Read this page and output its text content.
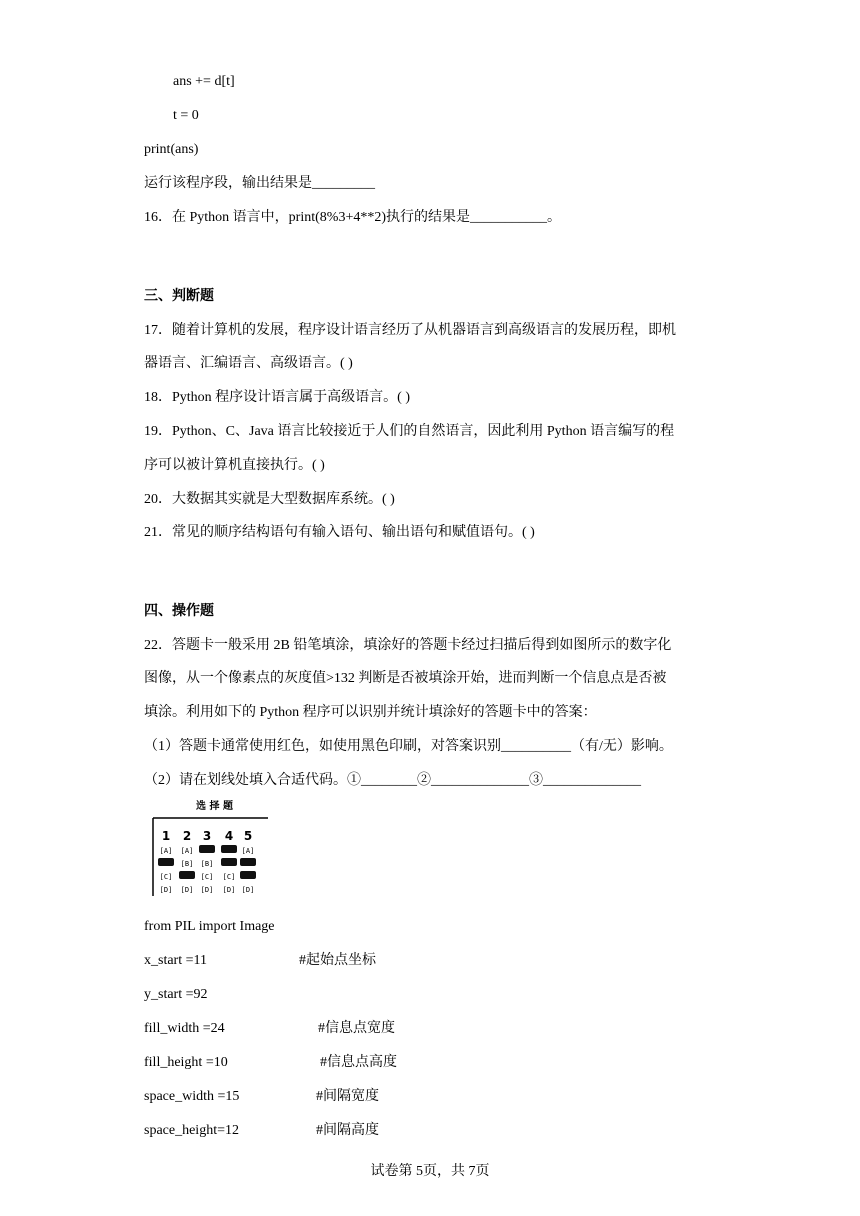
ans += d[t]
t = 0
print(ans)
运行该程序段，输出结果是_________
16．在 Python 语言中，print(8%3+4**2)执行的结果是___________。
三、判断题
17．随着计算机的发展，程序设计语言经历了从机器语言到高级语言的发展历程，即机
器语言、汇编语言、高级语言。( )
18．Python 程序设计语言属于高级语言。( )
19．Python、C、Java 语言比较接近于人们的自然语言，因此利用 Python 语言编写的程
序可以被计算机直接执行。( )
20．大数据其实就是大型数据库系统。( )
21．常见的顺序结构语句有输入语句、输出语句和赋值语句。( )
四、操作题
22．答题卡一般采用 2B 铅笔填涂，填涂好的答题卡经过扫描后得到如图所示的数字化
图像，从一个像素点的灰度值>132 判断是否被填涂开始，进而判断一个信息点是否被
填涂。利用如下的 Python 程序可以识别并统计填涂好的答题卡中的答案：
（1）答题卡通常使用红色，如使用黑色印刷，对答案识别__________（有/无）影响。
（2）请在划线处填入合适代码。①________②______________③______________
选 择 题
1 2 3 4 5
[A] [A]	[A]
[B] [B]
[C]	[C] [C]
[D] [D] [D] [D] [D]
from PIL import Image
x_start =11	#起始点坐标
y_start =92
fill_width =24	#信息点宽度
fill_height =10	#信息点高度
space_width =15	#间隔宽度
space_height=12	#间隔高度
试卷第 5页，共 7页
